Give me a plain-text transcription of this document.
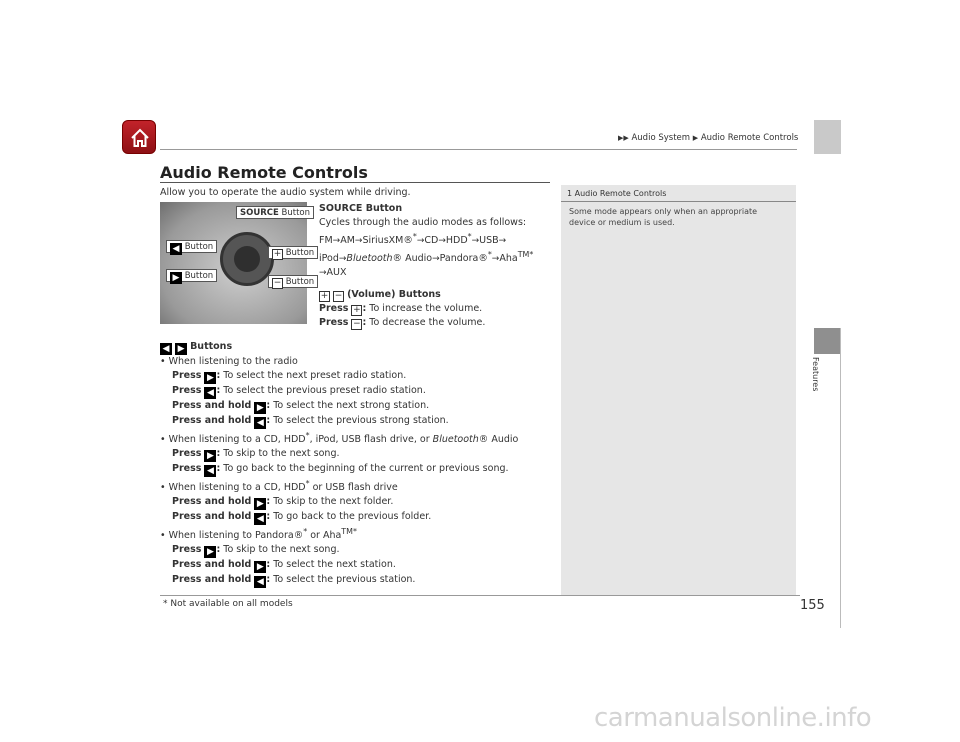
▶▶ Audio System ▶ Audio Remote Controls
Features
Audio Remote Controls

Allow you to operate the audio system while driving.

SOURCE Button
◀ Button
▶ Button
+ Button
− Button

SOURCE Button

Cycles through the audio modes as follows:

FM→AM→SiriusXM®*→CD→HDD*→USB→

iPod→Bluetooth® Audio→Pandora®*→Aha$^{TM*}$

→AUX

+ − (Volume) Buttons

Press + : To increase the volume.

Press − : To decrease the volume.

◀ ▶ Buttons

• When listening to the radio

Press ▶ : To select the next preset radio station.

Press ◀ : To select the previous preset radio station.

Press and hold ▶ : To select the next strong station.

Press and hold ◀ : To select the previous strong station.

• When listening to a CD, HDD*, iPod, USB flash drive, or Bluetooth® Audio

Press ▶ : To skip to the next song.

Press ◀ : To go back to the beginning of the current or previous song.

• When listening to a CD, HDD* or USB flash drive

Press and hold ▶ : To skip to the next folder.

Press and hold ◀ : To go back to the previous folder.

• When listening to Pandora®* or Aha$^{TM*}$

Press ▶ : To skip to the next song.

Press and hold ▶ : To select the next station.

Press and hold ◀ : To select the previous station.

1 Audio Remote Controls
Some mode appears only when an appropriate device or medium is used.
* Not available on all models	155
carmanualsonline.info
